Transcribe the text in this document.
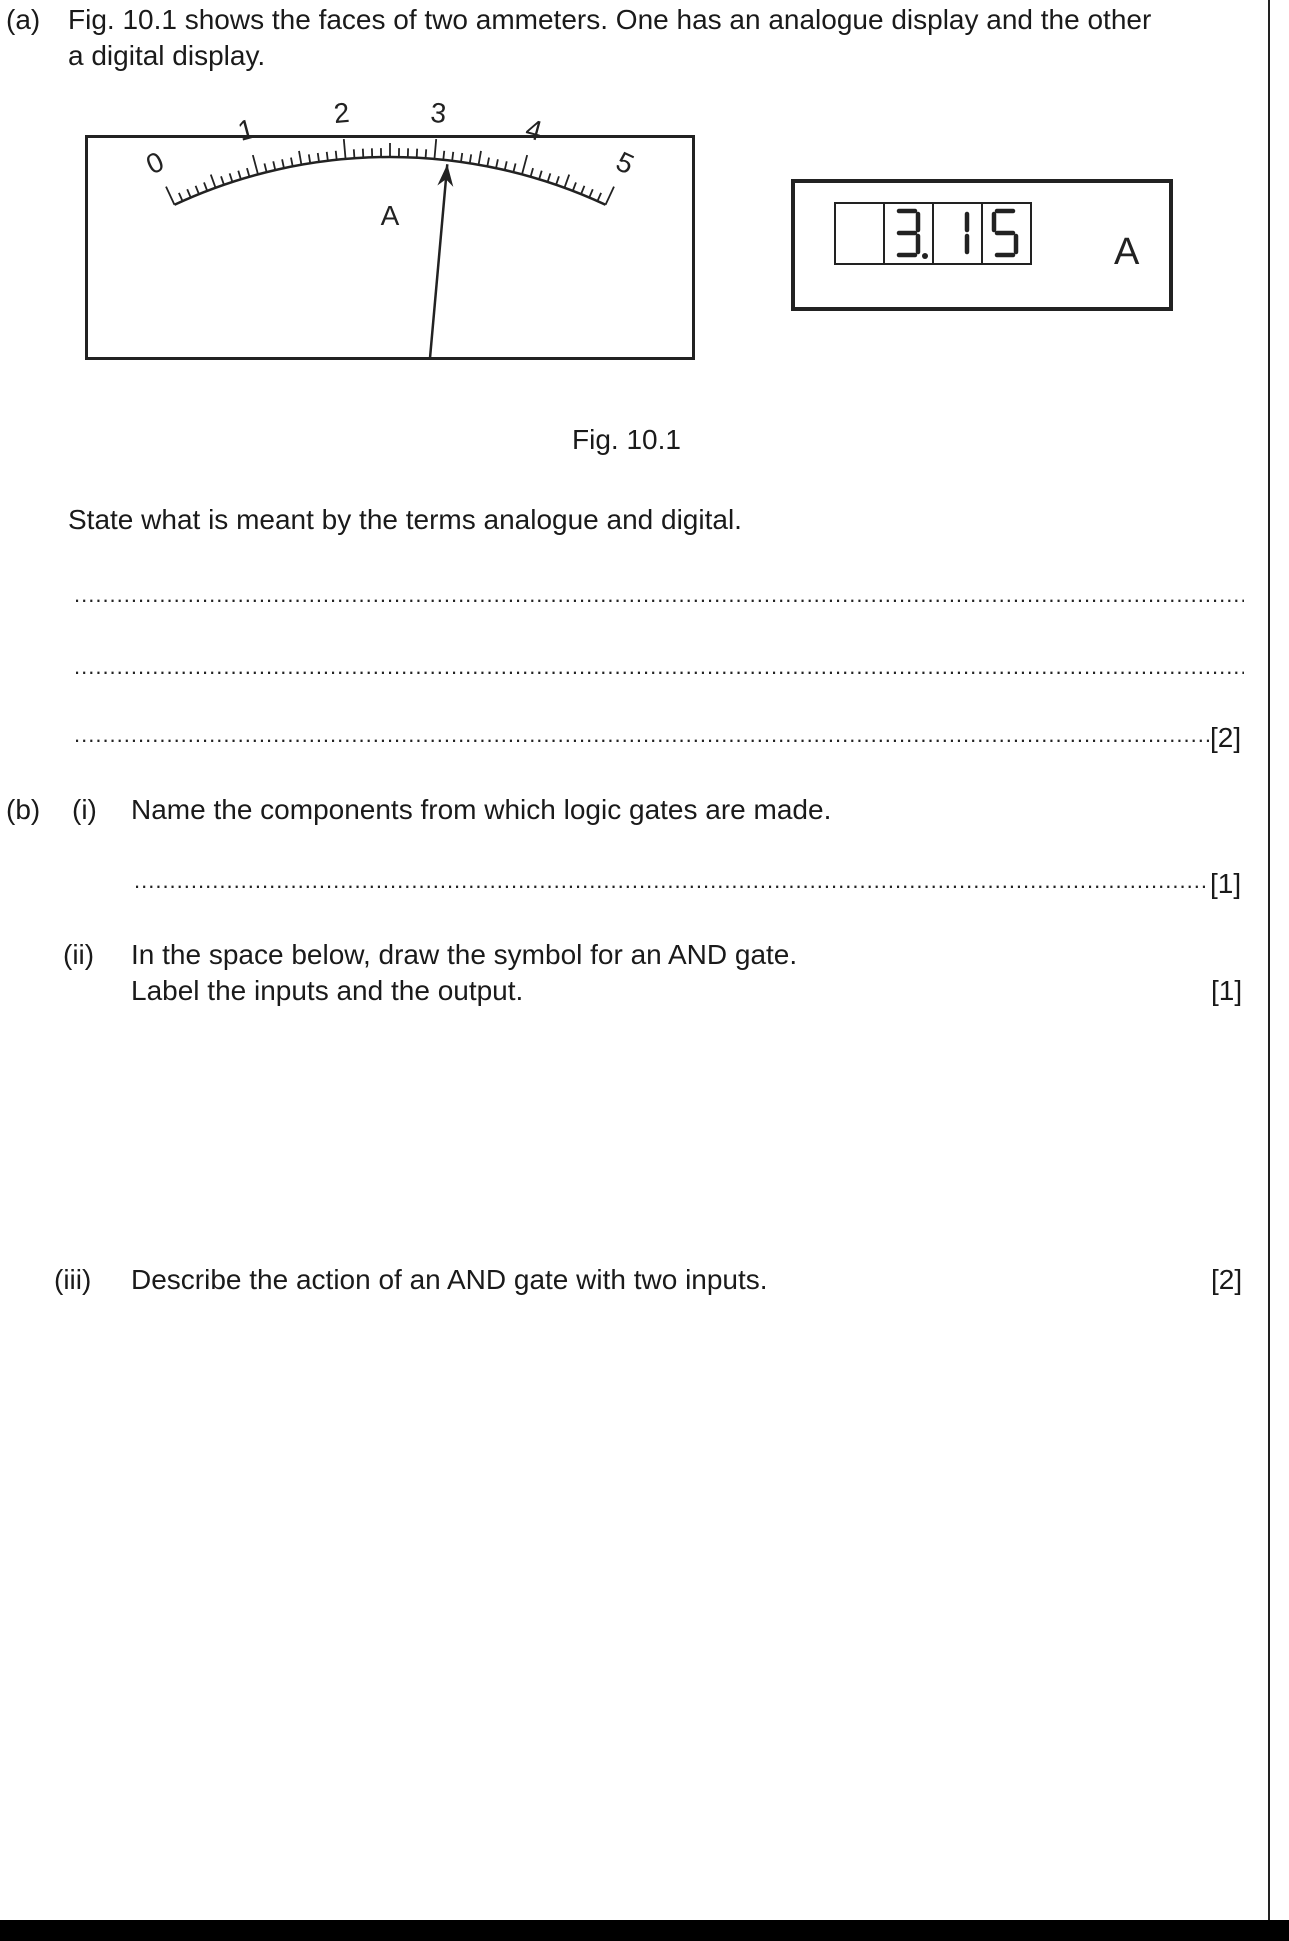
(a) Fig. 10.1 shows the faces of two ammeters. One has an analogue display and the other
a digital display.
0
1	2	3	4
5
A
A
Fig. 10.1
State what is meant by the terms analogue and digital.
.....
.....
.....
[2]
(b) (i) Name the components from which logic gates are made.
.....
[1]
(ii) In the space below, draw the symbol for an AND gate.
Label the inputs and the output.	[1]
(iii) Describe the action of an AND gate with two inputs.	[2]
